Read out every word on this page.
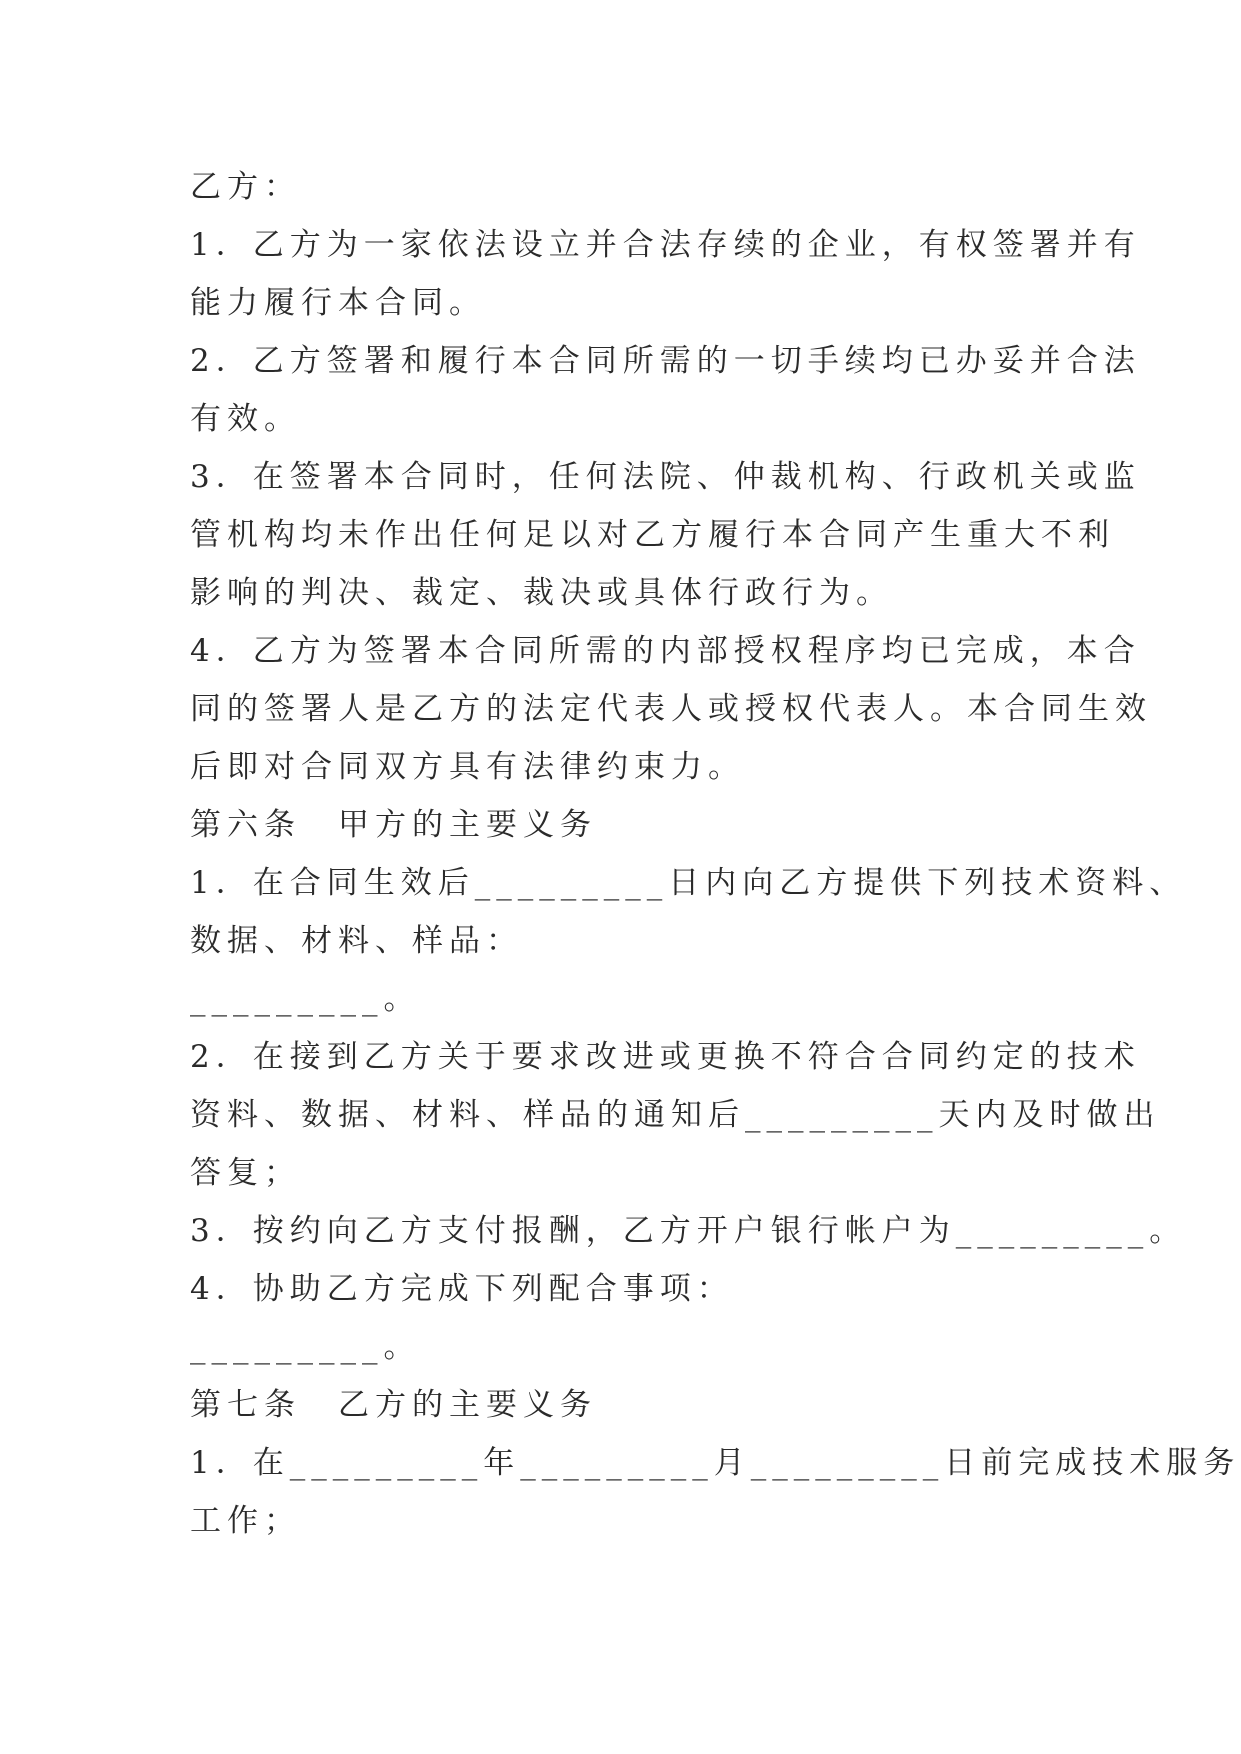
乙方：
1．乙方为一家依法设立并合法存续的企业，有权签署并有
能力履行本合同。
2．乙方签署和履行本合同所需的一切手续均已办妥并合法
有效。
3．在签署本合同时，任何法院、仲裁机构、行政机关或监
管机构均未作出任何足以对乙方履行本合同产生重大不利
影响的判决、裁定、裁决或具体行政行为。
4．乙方为签署本合同所需的内部授权程序均已完成，本合
同的签署人是乙方的法定代表人或授权代表人。本合同生效
后即对合同双方具有法律约束力。
第六条　甲方的主要义务
1．在合同生效后_________日内向乙方提供下列技术资料、
数据、材料、样品：
_________。
2．在接到乙方关于要求改进或更换不符合合同约定的技术
资料、数据、材料、样品的通知后_________天内及时做出
答复；
3．按约向乙方支付报酬，乙方开户银行帐户为_________。
4．协助乙方完成下列配合事项：
_________。
第七条　乙方的主要义务
1．在_________年_________月_________日前完成技术服务
工作；
